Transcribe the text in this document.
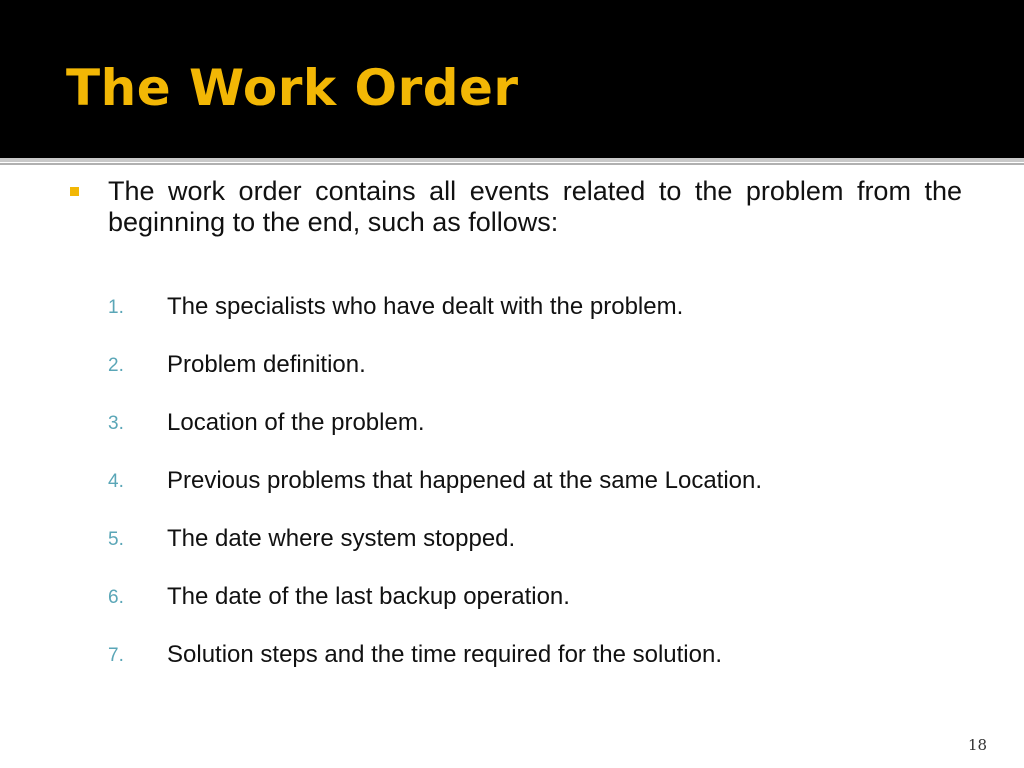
The Work Order

The work order contains all events related to the problem from the beginning to the end, such as follows:

1. The specialists who have dealt with the problem.
2. Problem definition.
3. Location of the problem.
4. Previous problems that happened at the same Location.
5. The date where system stopped.
6. The date of the last backup operation.
7. Solution steps and the time required for the solution.
18
